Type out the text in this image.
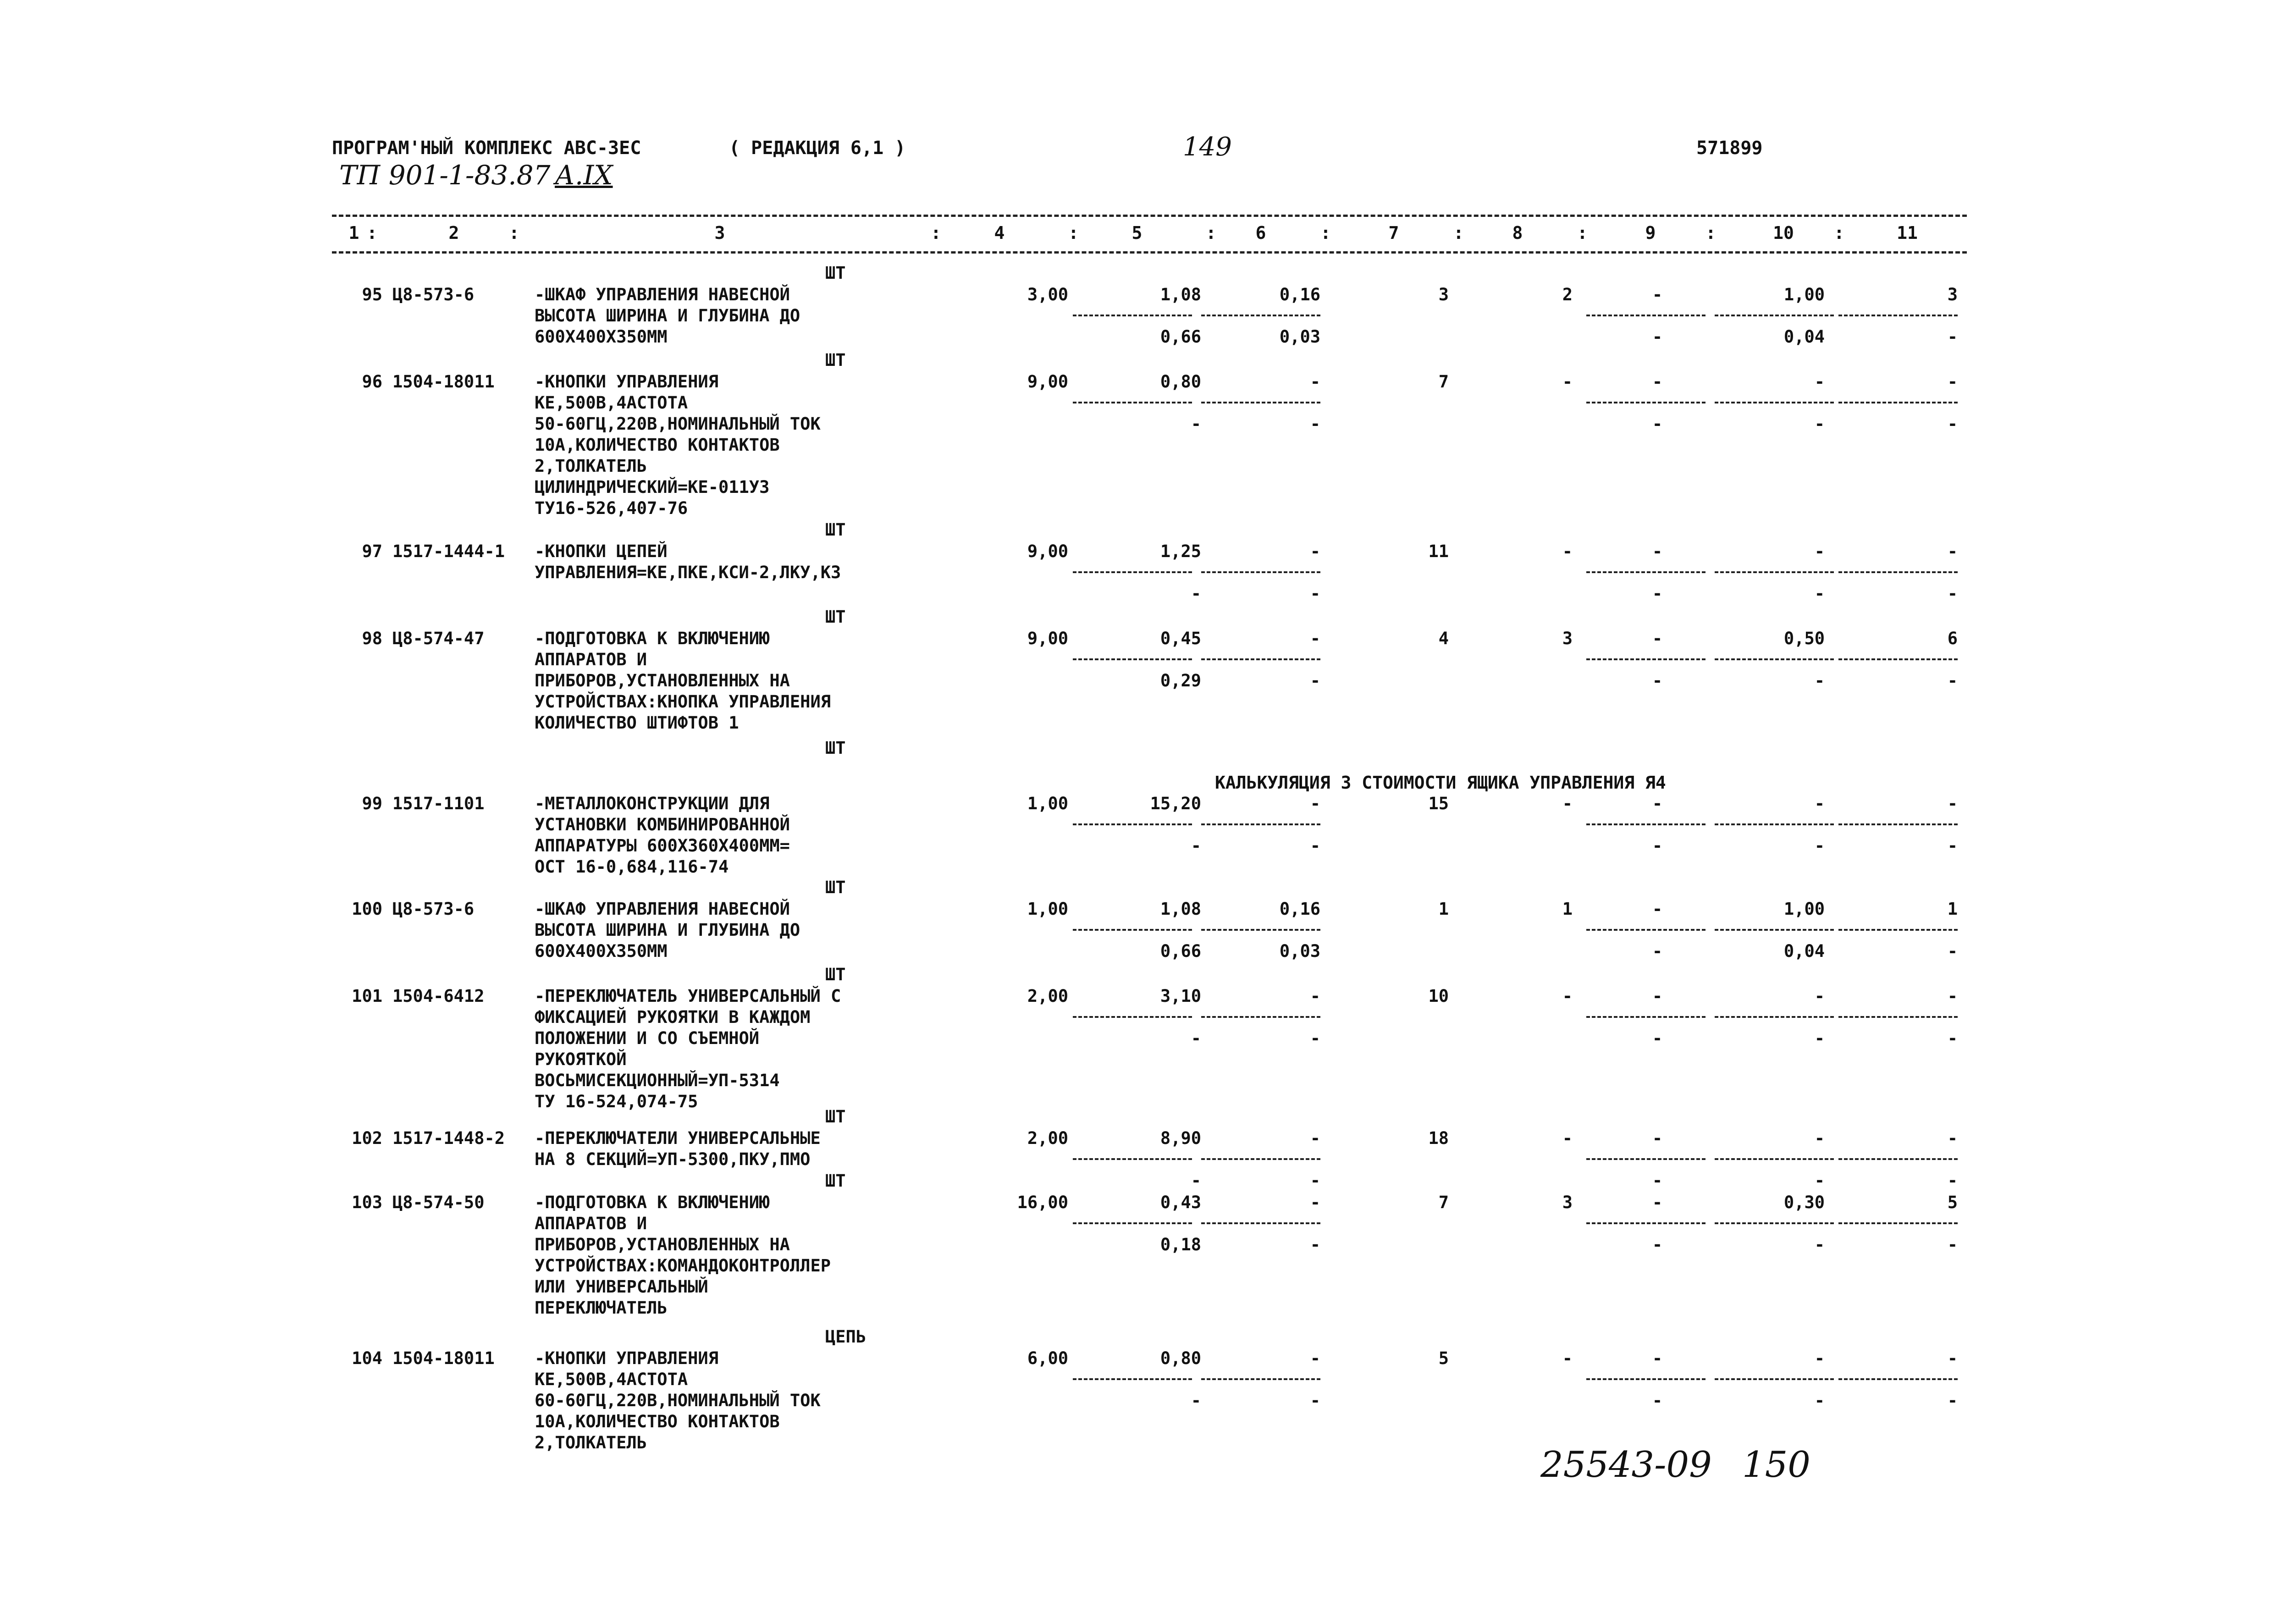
ПРОГРАМ'НЫЙ КОМПЛЕКС АВС-3ЕС	( РЕДАКЦИЯ 6,1 )	149	571899
ТП 901-1-83.87 А.IX
1	2	3	4	5	6	7	8	9	10	11
:	:	:	:	:	:	:	:	:	:
КАЛЬКУЛЯЦИЯ 3 СТОИМОСТИ ЯЩИКА УПРАВЛЕНИЯ Я4
ШТ
95 Ц8-573-6	-ШКАФ УПРАВЛЕНИЯ НАВЕСНОЙ
ВЫСОТА ШИРИНА И ГЛУБИНА ДО
600Х400Х350ММ
3,00	1,08	0,16	3	2	-	1,00	3
0,66	0,03	-	0,04	-
ШТ
96 1504-18011 -КНОПКИ УПРАВЛЕНИЯ
КЕ,500В,4АСТОТА
50-60ГЦ,220В,НОМИНАЛЬНЫЙ ТОК
10А,КОЛИЧЕСТВО КОНТАКТОВ
2,ТОЛКАТЕЛЬ
ЦИЛИНДРИЧЕСКИЙ=КЕ-011У3
ТУ16-526,407-76
9,00	0,80	-	7	-	-	-	-
-	-	-	-	-
ШТ
97 1517-1444-1 -КНОПКИ ЦЕПЕЙ
УПРАВЛЕНИЯ=КЕ,ПКЕ,КСИ-2,ЛКУ,К3
9,00	1,25	-	11	-	-	-	-
-	-	-	-	-
ШТ
98 Ц8-574-47	-ПОДГОТОВКА К ВКЛЮЧЕНИЮ
АППАРАТОВ И
ПРИБОРОВ,УСТАНОВЛЕННЫХ НА
УСТРОЙСТВАХ:КНОПКА УПРАВЛЕНИЯ
КОЛИЧЕСТВО ШТИФТОВ 1
9,00	0,45	-	4	3	-	0,50	6
0,29	-	-	-	-
ШТ
99 1517-1101	-МЕТАЛЛОКОНСТРУКЦИИ ДЛЯ
УСТАНОВКИ КОМБИНИРОВАННОЙ
АППАРАТУРЫ 600Х360Х400ММ=
ОСТ 16-0,684,116-74
1,00	15,20	-	15	-	-	-	-
-	-	-	-	-
ШТ
100 Ц8-573-6	-ШКАФ УПРАВЛЕНИЯ НАВЕСНОЙ
ВЫСОТА ШИРИНА И ГЛУБИНА ДО
600Х400Х350ММ
1,00	1,08	0,16	1	1	-	1,00	1
0,66	0,03	-	0,04	-
ШТ
101 1504-6412	-ПЕРЕКЛЮЧАТЕЛЬ УНИВЕРСАЛЬНЫЙ С
ФИКСАЦИЕЙ РУКОЯТКИ В КАЖДОМ
ПОЛОЖЕНИИ И СО СЪЕМНОЙ
РУКОЯТКОЙ
ВОСЬМИСЕКЦИОННЫЙ=УП-5314
ТУ 16-524,074-75
2,00	3,10	-	10	-	-	-	-
-	-	-	-	-
ШТ
102 1517-1448-2 -ПЕРЕКЛЮЧАТЕЛИ УНИВЕРСАЛЬНЫЕ
НА 8 СЕКЦИЙ=УП-5300,ПКУ,ПМО
2,00	8,90	-	18	-	-	-	-
-	-	-	-	-
ШТ
103 Ц8-574-50	-ПОДГОТОВКА К ВКЛЮЧЕНИЮ
АППАРАТОВ И
ПРИБОРОВ,УСТАНОВЛЕННЫХ НА
УСТРОЙСТВАХ:КОМАНДОКОНТРОЛЛЕР
ИЛИ УНИВЕРСАЛЬНЫЙ
ПЕРЕКЛЮЧАТЕЛЬ
16,00	0,43	-	7	3	-	0,30	5
0,18	-	-	-	-
ЦЕПЬ
104 1504-18011 -КНОПКИ УПРАВЛЕНИЯ
КЕ,500В,4АСТОТА
60-60ГЦ,220В,НОМИНАЛЬНЫЙ ТОК
10А,КОЛИЧЕСТВО КОНТАКТОВ
2,ТОЛКАТЕЛЬ
6,00	0,80	-	5	-	-	-	-
-	-	-	-	-
25543-09 150
